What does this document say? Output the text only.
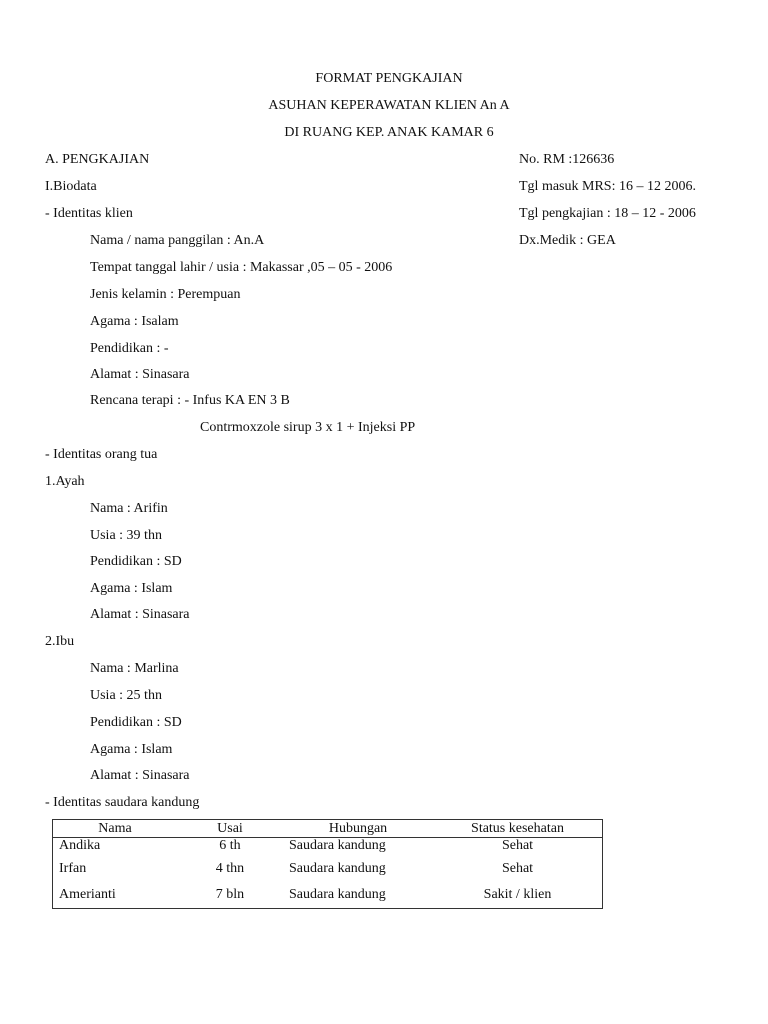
FORMAT PENGKAJIAN
ASUHAN KEPERAWATAN KLIEN An A
DI RUANG KEP. ANAK KAMAR 6
A. PENGKAJIAN	No. RM :126636
I.Biodata	Tgl masuk MRS: 16 – 12 2006.
- Identitas klien	Tgl pengkajian : 18 – 12 - 2006
Nama / nama panggilan : An.A	Dx.Medik : GEA
Tempat tanggal lahir / usia : Makassar ,05 – 05 - 2006
Jenis kelamin : Perempuan
Agama : Isalam
Pendidikan : -
Alamat : Sinasara
Rencana terapi : - Infus KA EN 3 B
Contrmoxzole sirup 3 x 1 + Injeksi PP
- Identitas orang tua
1.Ayah
Nama : Arifin
Usia : 39 thn
Pendidikan : SD
Agama : Islam
Alamat : Sinasara
2.Ibu
Nama : Marlina
Usia : 25 thn
Pendidikan : SD
Agama : Islam
Alamat : Sinasara
- Identitas saudara kandung
Nama	Usai	Hubungan	Status kesehatan
Andika	6 th	Saudara kandung	Sehat
Irfan	4 thn	Saudara kandung	Sehat
Amerianti	7 bln	Saudara kandung	Sakit / klien
